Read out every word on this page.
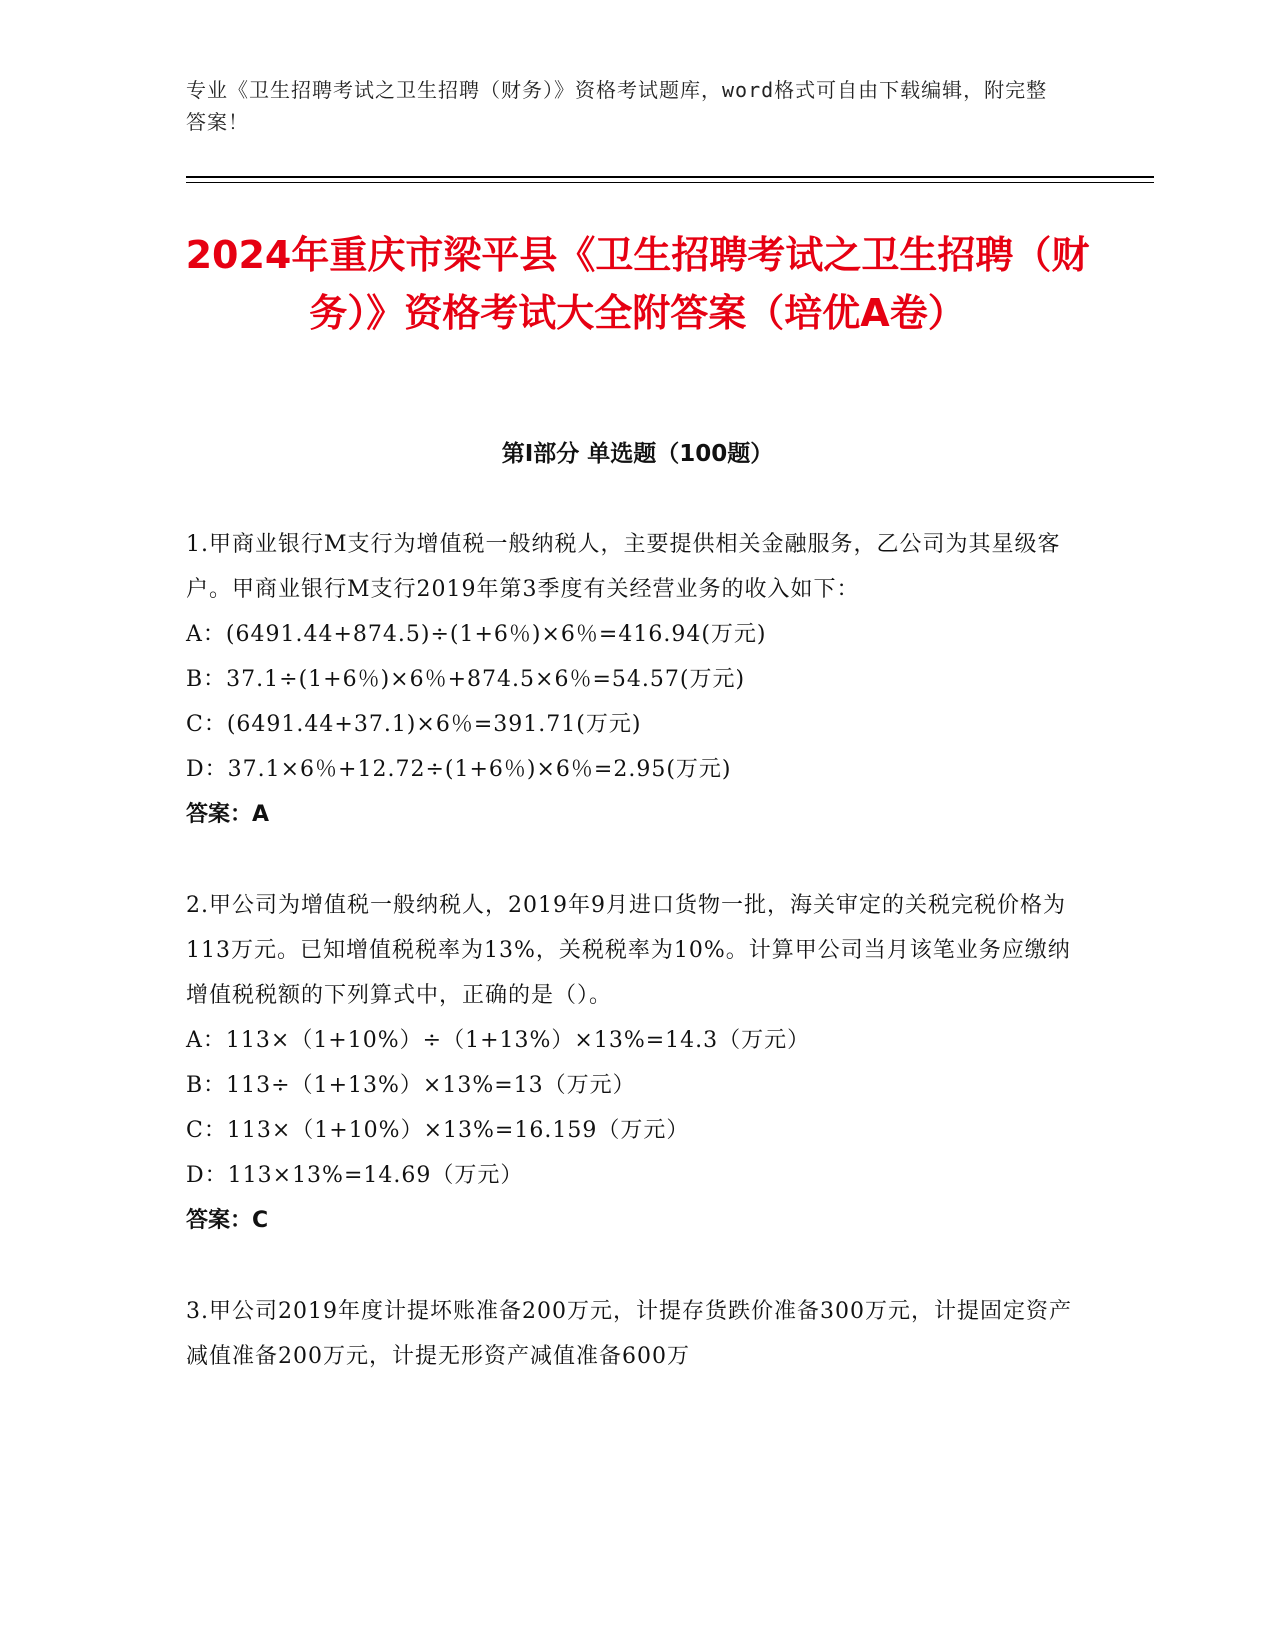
专业《卫生招聘考试之卫生招聘（财务）》资格考试题库，word格式可自由下载编辑，附完整答案！
2024年重庆市梁平县《卫生招聘考试之卫生招聘（财务）》资格考试大全附答案（培优A卷）
第I部分 单选题（100题）
1.甲商业银行M支行为增值税一般纳税人，主要提供相关金融服务，乙公司为其星级客户。甲商业银行M支行2019年第3季度有关经营业务的收入如下：
A：(6491.44+874.5)÷(1+6％)×6％=416.94(万元)
B：37.1÷(1+6％)×6％+874.5×6％=54.57(万元)
C：(6491.44+37.1)×6％=391.71(万元)
D：37.1×6％+12.72÷(1+6％)×6％=2.95(万元)
答案：A
2.甲公司为增值税一般纳税人，2019年9月进口货物一批，海关审定的关税完税价格为113万元。已知增值税税率为13%，关税税率为10%。计算甲公司当月该笔业务应缴纳增值税税额的下列算式中，正确的是（）。
A：113×（1+10%）÷（1+13%）×13%=14.3（万元）
B：113÷（1+13%）×13%=13（万元）
C：113×（1+10%）×13%=16.159（万元）
D：113×13%=14.69（万元）
答案：C
3.甲公司2019年度计提坏账准备200万元，计提存货跌价准备300万元，计提固定资产减值准备200万元，计提无形资产减值准备600万
